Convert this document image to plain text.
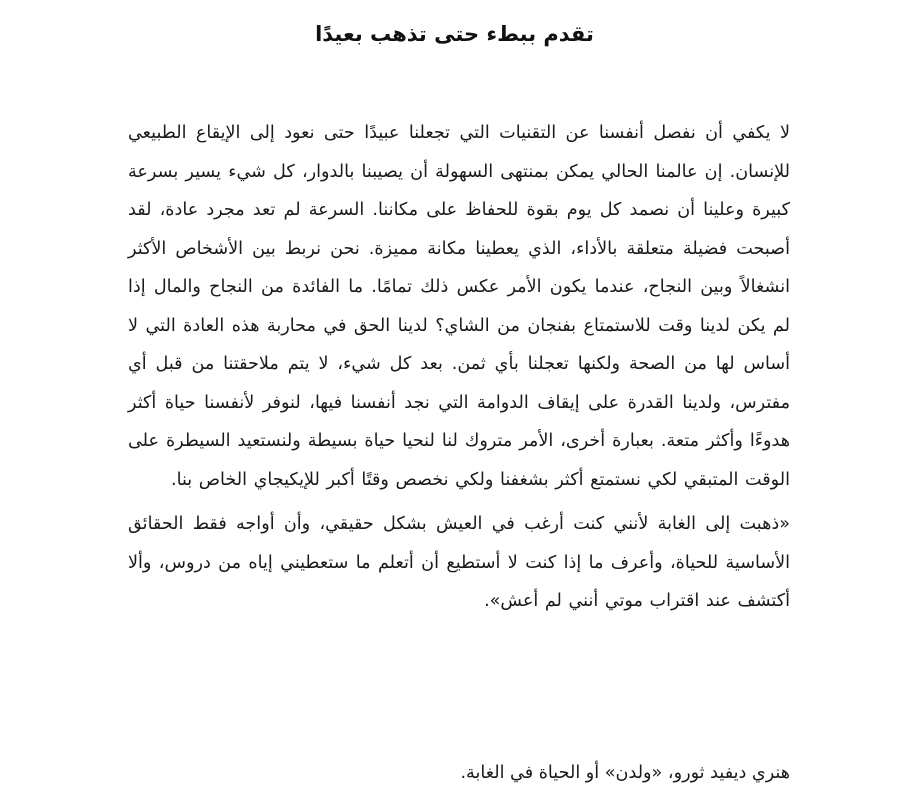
تقدم ببطء حتى تذهب بعيدًا

لا يكفي أن نفصل أنفسنا عن التقنيات التي تجعلنا عبيدًا حتى نعود إلى الإيقاع الطبيعي للإنسان. إن عالمنا الحالي يمكن بمنتهى السهولة أن يصيبنا بالدوار، كل شيء يسير بسرعة كبيرة وعلينا أن نصمد كل يوم بقوة للحفاظ على مكاننا. السرعة لم تعد مجرد عادة، لقد أصبحت فضيلة متعلقة بالأداء، الذي يعطينا مكانة مميزة. نحن نربط بين الأشخاص الأكثر انشغالاً وبين النجاح، عندما يكون الأمر عكس ذلك تمامًا. ما الفائدة من النجاح والمال إذا لم يكن لدينا وقت للاستمتاع بفنجان من الشاي؟ لدينا الحق في محاربة هذه العادة التي لا أساس لها من الصحة ولكنها تعجلنا بأي ثمن. بعد كل شيء، لا يتم ملاحقتنا من قبل أي مفترس، ولدينا القدرة على إيقاف الدوامة التي نجد أنفسنا فيها، لنوفر لأنفسنا حياة أكثر هدوءًا وأكثر متعة. بعبارة أخرى، الأمر متروك لنا لنحيا حياة بسيطة ولنستعيد السيطرة على الوقت المتبقي لكي نستمتع أكثر بشغفنا ولكي نخصص وقتًا أكبر للإيكيجاي الخاص بنا.

«ذهبت إلى الغابة لأنني كنت أرغب في العيش بشكل حقيقي، وأن أواجه فقط الحقائق الأساسية للحياة، وأعرف ما إذا كنت لا أستطيع أن أتعلم ما ستعطيني إياه من دروس، وألا أكتشف عند اقتراب موتي أنني لم أعش».

هنري ديفيد ثورو، «ولدن» أو الحياة في الغابة.
